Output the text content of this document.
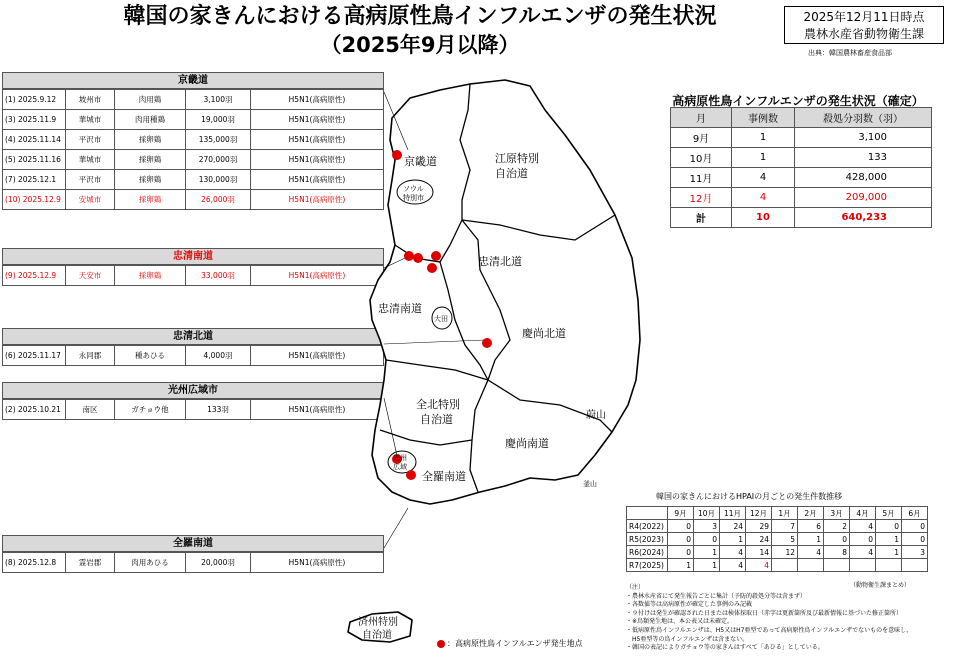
韓国の家きんにおける高病原性鳥インフルエンザの発生状況
（2025年9月以降）
2025年12月11日時点
農林水産省動物衛生課
出典：韓国農林畜産食品部
京畿道
(1) 2025.9.12	坡州市	肉用鶏	3,100羽	H5N1(高病原性)
(3) 2025.11.9	華城市	肉用種鶏	19,000羽	H5N1(高病原性)
(4) 2025.11.14	平沢市	採卵鶏	135,000羽	H5N1(高病原性)
(5) 2025.11.16	華城市	採卵鶏	270,000羽	H5N1(高病原性)
(7) 2025.12.1	平沢市	採卵鶏	130,000羽	H5N1(高病原性)
(10) 2025.12.9	安城市	採卵鶏	26,000羽	H5N1(高病原性)
忠清南道
(9) 2025.12.9	天安市	採卵鶏	33,000羽	H5N1(高病原性)
忠清北道
(6) 2025.11.17	永同郡	種あひる	4,000羽	H5N1(高病原性)
光州広域市
(2) 2025.10.21	南区	ガチョウ他	133羽	H5N1(高病原性)
全羅南道
(8) 2025.12.8	霊岩郡	肉用あひる	20,000羽	H5N1(高病原性)
京畿道	江原特別
自治道
忠清北道
忠清南道
慶尚北道
全北特別
自治道
慶尚南道
全羅南道
済州特別
自治道
ソウル
特別市
大田
光州
広域
蔚山
釜山
：高病原性鳥インフルエンザ発生地点
高病原性鳥インフルエンザの発生状況（確定）
月	事例数	殺処分羽数（羽）
9月	1	3,100
10月	1	133
11月	4	428,000
12月	4	209,000
計	10	640,233
韓国の家きんにおけるHPAIの月ごとの発生件数推移
	9月	10月	11月	12月	1月	2月	3月	4月	5月	6月
R4(2022)	0	3	24	29	7	6	2	4	0	0
R5(2023)	0	0	1	24	5	1	0	0	1	0
R6(2024)	0	1	4	14	12	4	8	4	1	3
R7(2025)	1	1	4	4						
（動物衛生課まとめ）
（注）
・農林水産省にて発生報告ごとに集計（予防的殺処分等は含まず）
・各数値等は高病原性が確定した事例のみ記載
・９付けは発生が確認された日または検体採取日（赤字は更新箇所及び最新情報に基づいた修正箇所）
・※鳥類発生地は、本公表又は未確定。
・低病原性鳥インフルエンザは、H5又はH7亜型であって高病原性鳥インフルエンザでないものを意味し、
　H5亜型等の鳥インフルエンザは含まない。
・韓国の表記によりガチョウ等の家きんはすべて「あひる」としている。
